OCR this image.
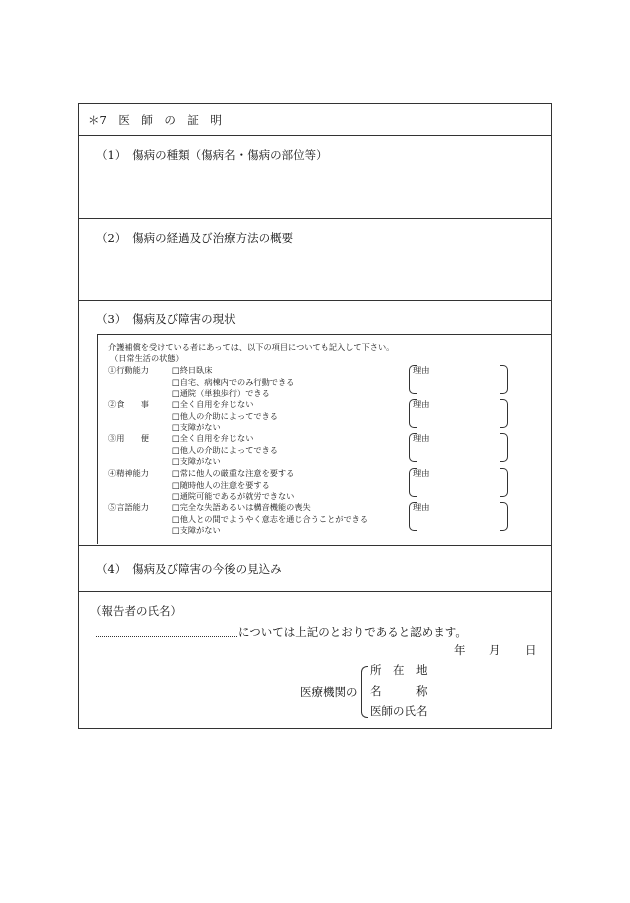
＊7　医　師　の　証　明
（1）　傷病の種類（傷病名・傷病の部位等）
（2）　傷病の経過及び治療方法の概要
（3）　傷病及び障害の現状
（4）　傷病及び障害の今後の見込み
介護補償を受けている者にあっては、以下の項目についても記入して下さい。
（日常生活の状態）
①行動能力	□終日臥床
□自宅、病棟内でのみ行動できる
□通院（単独歩行）できる
理由
②食　　事	□全く自用を弁じない
□他人の介助によってできる
□支障がない
理由
③用　　便	□全く自用を弁じない
□他人の介助によってできる
□支障がない
理由
④精神能力	□常に他人の厳重な注意を要する
□随時他人の注意を要する
□通院可能であるが就労できない
理由
⑤言語能力	□完全な失語あるいは構音機能の喪失
□他人との間でようやく意志を通じ合うことができる
□支障がない
理由
（報告者の氏名）
については上記のとおりであると認めます。
年 月 日
医療機関の
所　在　地
名　　　称
医師の氏名
